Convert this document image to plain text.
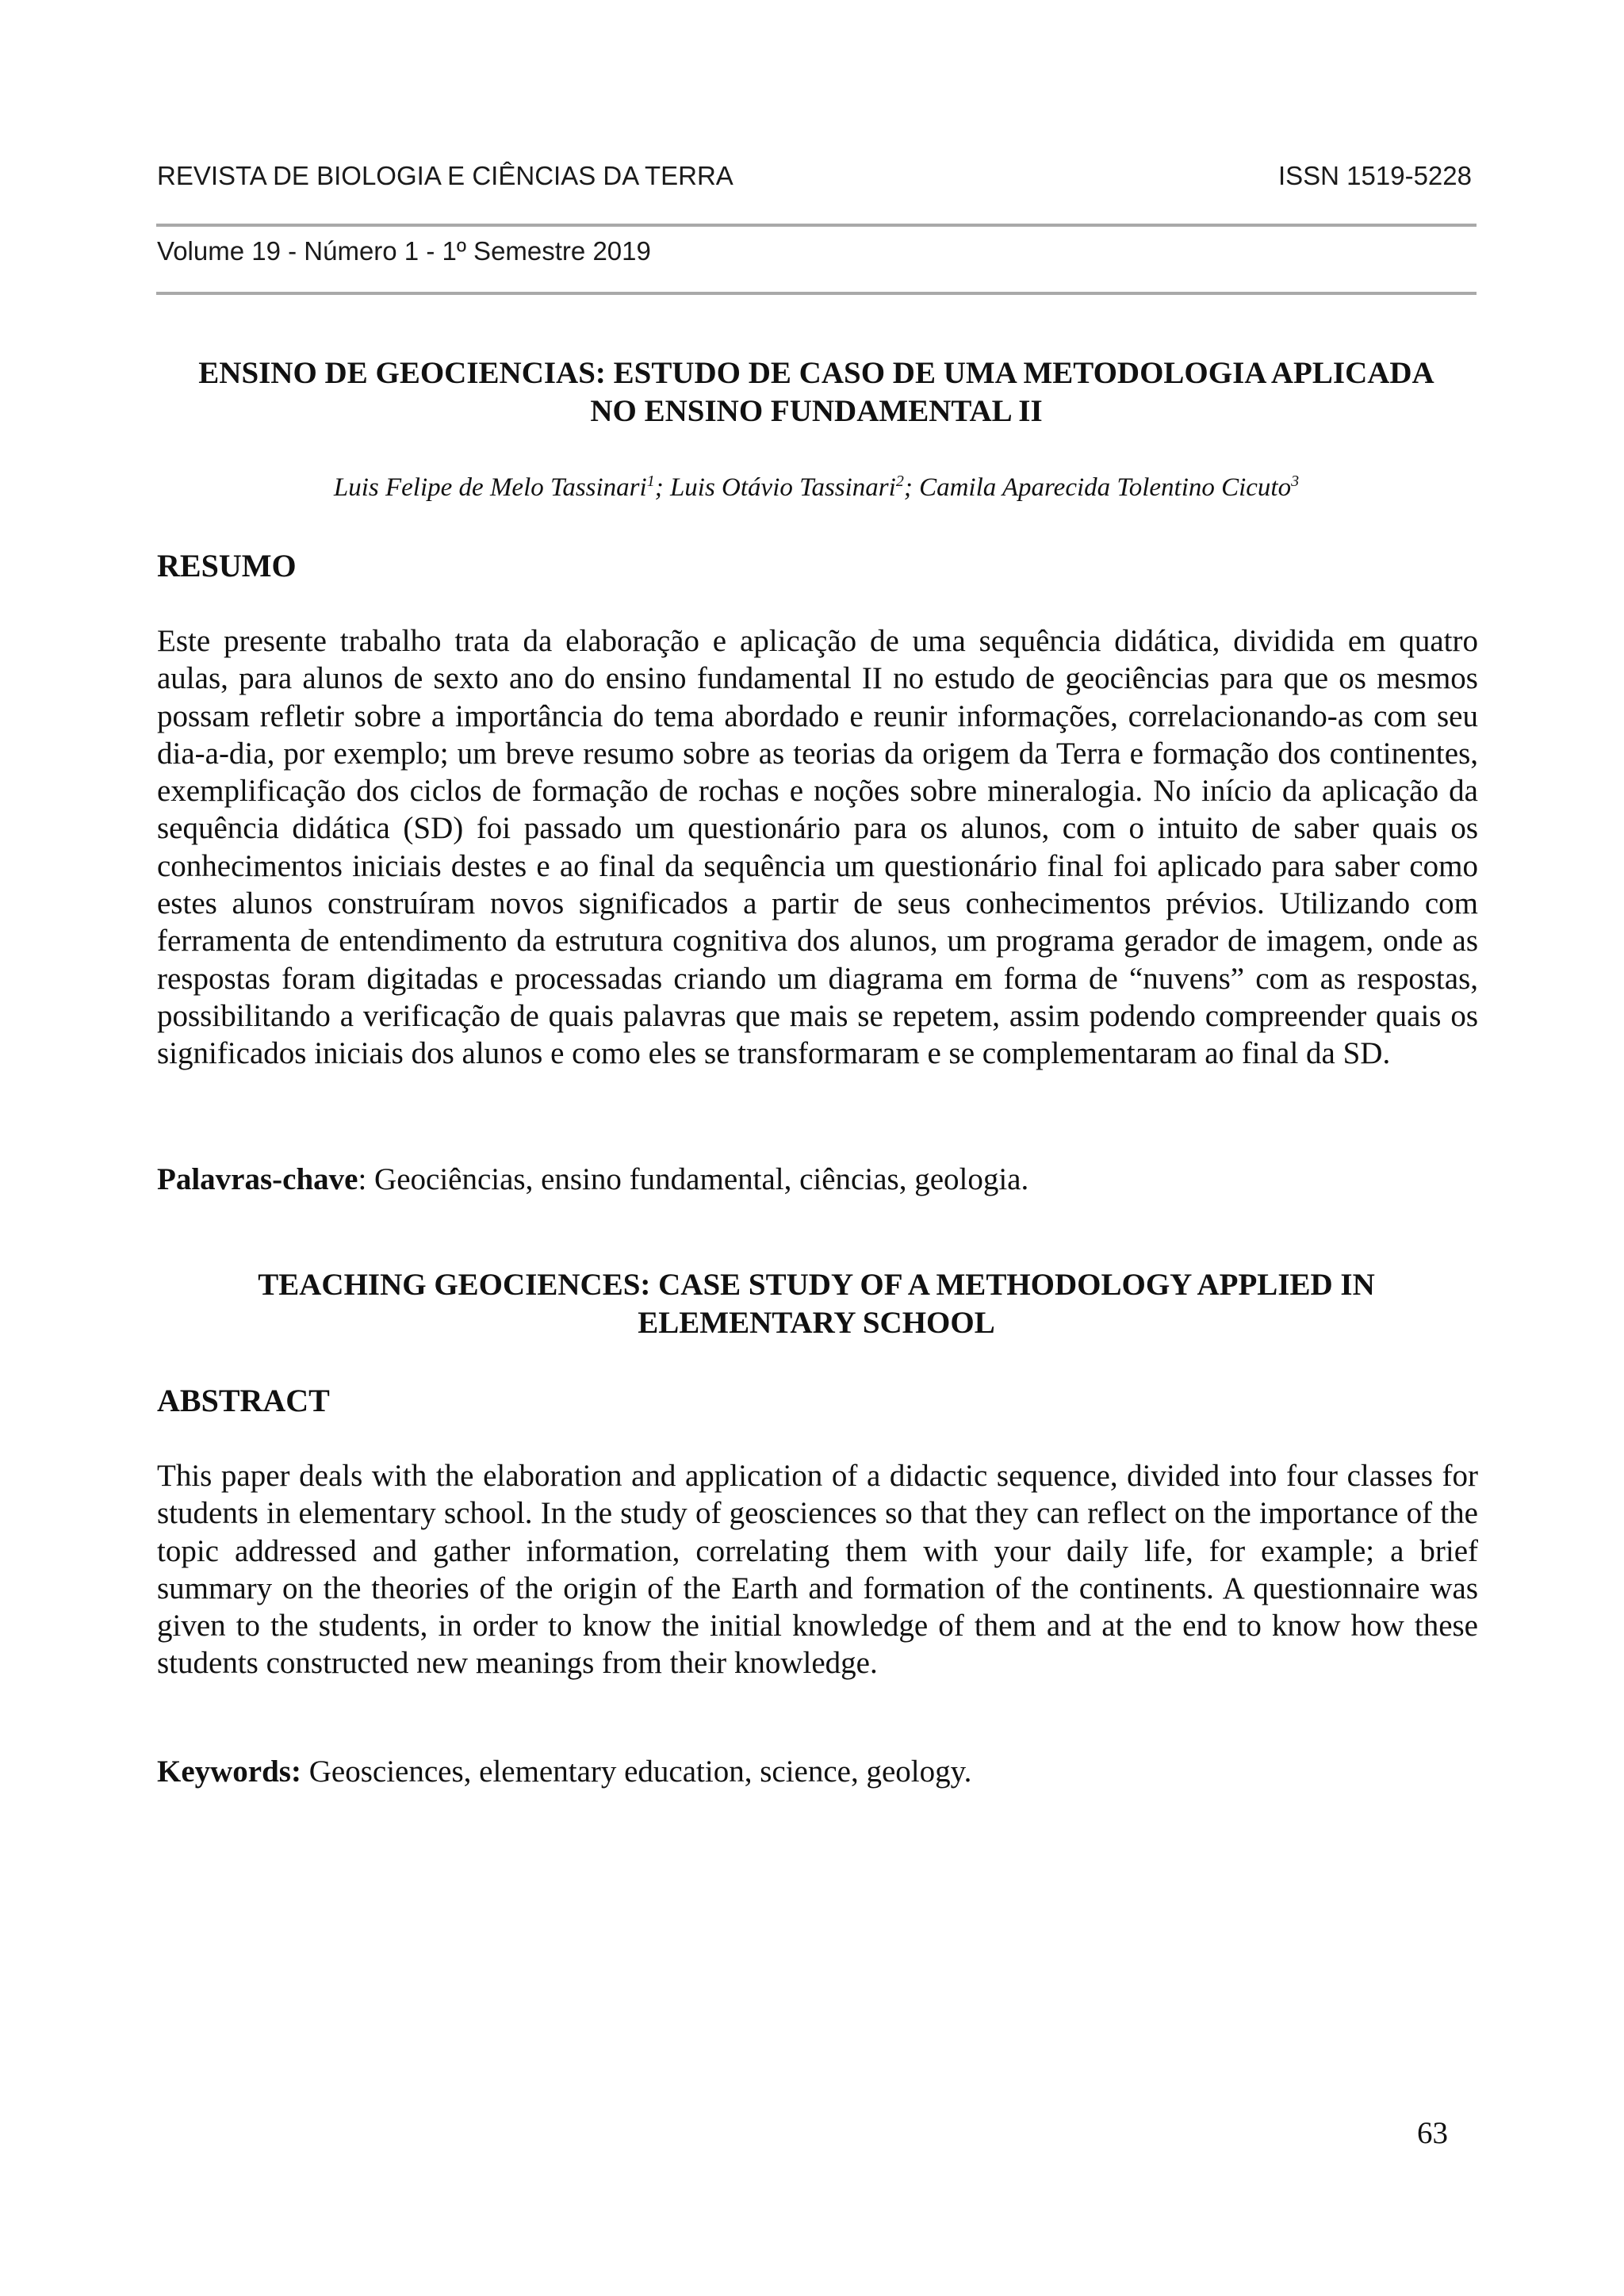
REVISTA DE BIOLOGIA E CIÊNCIAS DA TERRA	ISSN 1519-5228
Volume 19 - Número 1 - 1º Semestre 2019
ENSINO DE GEOCIENCIAS: ESTUDO DE CASO DE UMA METODOLOGIA APLICADA
NO ENSINO FUNDAMENTAL II
Luis Felipe de Melo Tassinari$^1$; Luis Otávio Tassinari$^2$; Camila Aparecida Tolentino Cicuto$^3$
RESUMO

Este presente trabalho trata da elaboração e aplicação de uma sequência didática, dividida em quatro aulas, para alunos de sexto ano do ensino fundamental II no estudo de geociências para que os mesmos possam refletir sobre a importância do tema abordado e reunir informações, correlacionando-as com seu dia-a-dia, por exemplo; um breve resumo sobre as teorias da origem da Terra e formação dos continentes, exemplificação dos ciclos de formação de rochas e noções sobre mineralogia. No início da aplicação da sequência didática (SD) foi passado um questionário para os alunos, com o intuito de saber quais os conhecimentos iniciais destes e ao final da sequência um questionário final foi aplicado para saber como estes alunos construíram novos significados a partir de seus conhecimentos prévios. Utilizando com ferramenta de entendimento da estrutura cognitiva dos alunos, um programa gerador de imagem, onde as respostas foram digitadas e processadas criando um diagrama em forma de “nuvens” com as respostas, possibilitando a verificação de quais palavras que mais se repetem, assim podendo compreender quais os significados iniciais dos alunos e como eles se transformaram e se complementaram ao final da SD.

Palavras-chave: Geociências, ensino fundamental, ciências, geologia.
TEACHING GEOCIENCES: CASE STUDY OF A METHODOLOGY APPLIED IN
ELEMENTARY SCHOOL
ABSTRACT

This paper deals with the elaboration and application of a didactic sequence, divided into four classes for students in elementary school. In the study of geosciences so that they can reflect on the importance of the topic addressed and gather information, correlating them with your daily life, for example; a brief summary on the theories of the origin of the Earth and formation of the continents. A questionnaire was given to the students, in order to know the initial knowledge of them and at the end to know how these students constructed new meanings from their knowledge.

Keywords: Geosciences, elementary education, science, geology.
63
